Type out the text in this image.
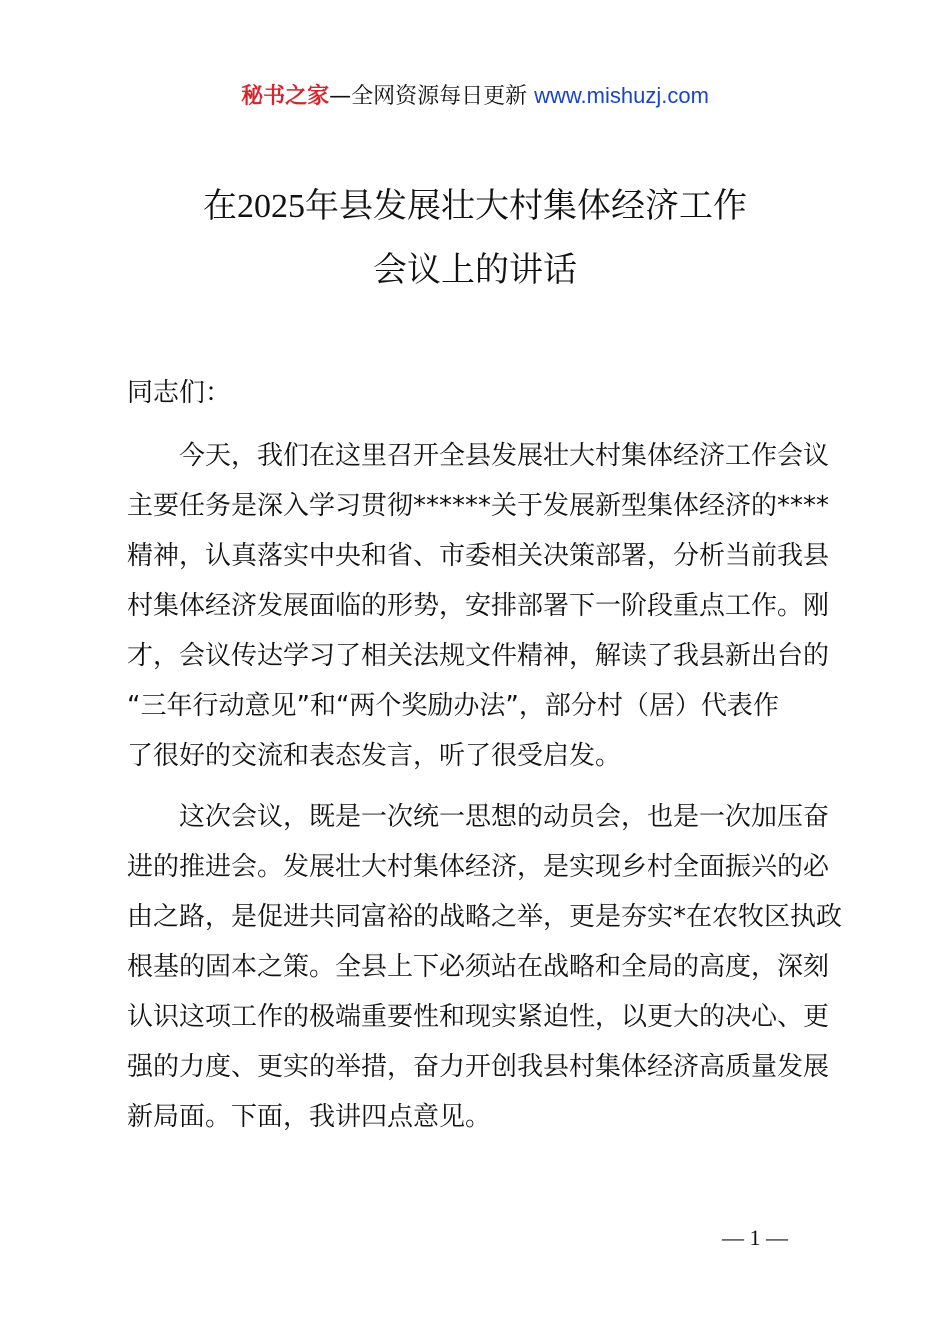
秘书之家—全网资源每日更新 www.mishuzj.com
在2025年县发展壮大村集体经济工作
会议上的讲话
同志们：
今天，我们在这里召开全县发展壮大村集体经济工作会议
主要任务是深入学习贯彻******关于发展新型集体经济的****
精神，认真落实中央和省、市委相关决策部署，分析当前我县
村集体经济发展面临的形势，安排部署下一阶段重点工作。刚
才，会议传达学习了相关法规文件精神，解读了我县新出台的
“三年行动意见”和“两个奖励办法”，部分村（居）代表作
了很好的交流和表态发言，听了很受启发。
这次会议，既是一次统一思想的动员会，也是一次加压奋
进的推进会。发展壮大村集体经济，是实现乡村全面振兴的必
由之路，是促进共同富裕的战略之举，更是夯实*在农牧区执政
根基的固本之策。全县上下必须站在战略和全局的高度，深刻
认识这项工作的极端重要性和现实紧迫性，以更大的决心、更
强的力度、更实的举措，奋力开创我县村集体经济高质量发展
新局面。下面，我讲四点意见。
— 1 —
